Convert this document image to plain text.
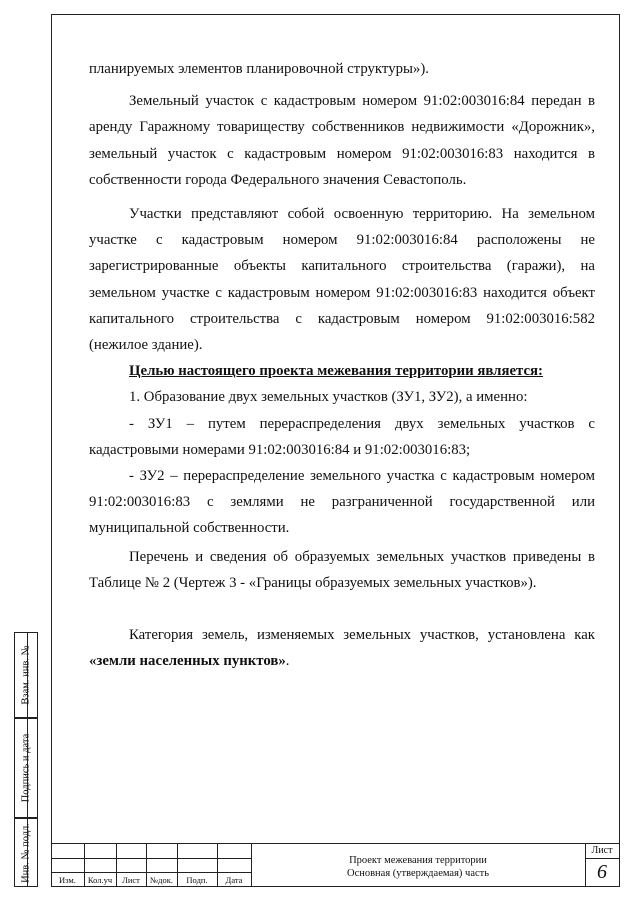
Взам. инв. №
Подпись и дата
Инв. № подл.
планируемых элементов планировочной структуры»).
Земельный участок с кадастровым номером 91:02:003016:84 передан в
аренду Гаражному товариществу собственников недвижимости «Дорожник»,
земельный участок с кадастровым номером 91:02:003016:83 находится в
собственности города Федерального значения Севастополь.
Участки представляют собой освоенную территорию. На земельном
участке с кадастровым номером 91:02:003016:84 расположены не
зарегистрированные объекты капитального строительства (гаражи), на
земельном участке с кадастровым номером 91:02:003016:83 находится объект
капитального строительства с кадастровым номером 91:02:003016:582
(нежилое здание).
Целью настоящего проекта межевания территории является:
1. Образование двух земельных участков (ЗУ1, ЗУ2), а именно:
- ЗУ1 – путем перераспределения двух земельных участков с
кадастровыми номерами 91:02:003016:84 и 91:02:003016:83;
- ЗУ2 – перераспределение земельного участка с кадастровым номером
91:02:003016:83 с землями не разграниченной государственной или
муниципальной собственности.
Перечень и сведения об образуемых земельных участков приведены в
Таблице № 2 (Чертеж 3 - «Границы образуемых земельных участков»).
Категория земель, изменяемых земельных участков, установлена как
«земли населенных пунктов».
Изм.	Кол.уч	Лист	№док.	Подп.	Дата
Проект межевания территории
Основная (утверждаемая) часть
Лист
6
